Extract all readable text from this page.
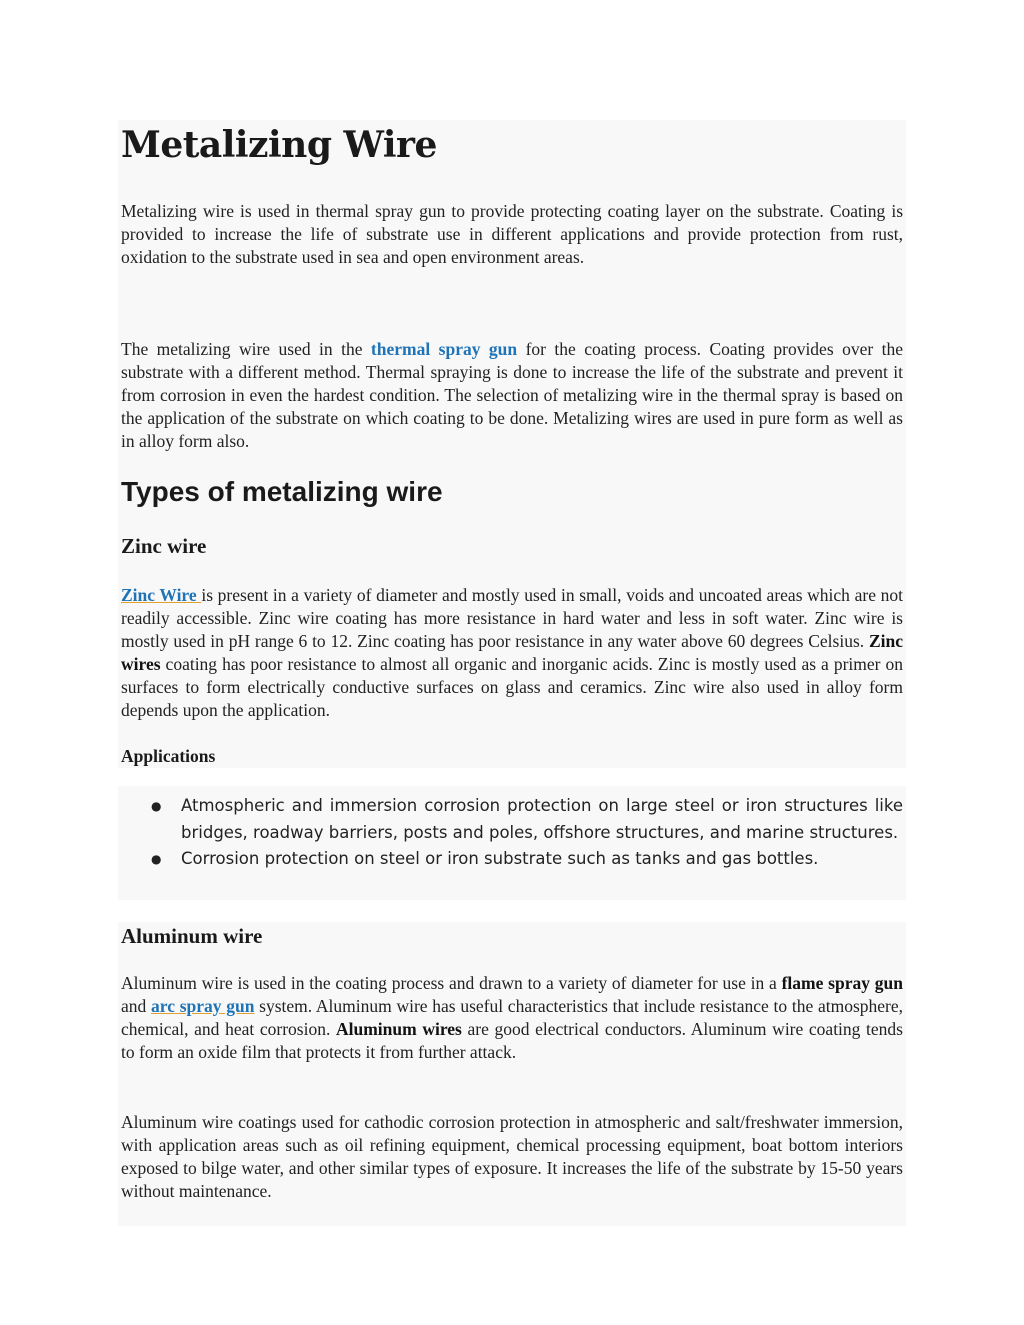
Metalizing Wire

Metalizing wire is used in thermal spray gun to provide protecting coating layer on the substrate. Coating is provided to increase the life of substrate use in different applications and provide protection from rust, oxidation to the substrate used in sea and open environment areas.

The metalizing wire used in the thermal spray gun for the coating process. Coating provides over the substrate with a different method. Thermal spraying is done to increase the life of the substrate and prevent it from corrosion in even the hardest condition. The selection of metalizing wire in the thermal spray is based on the application of the substrate on which coating to be done. Metalizing wires are used in pure form as well as in alloy form also.

Types of metalizing wire
Zinc wire

Zinc Wire is present in a variety of diameter and mostly used in small, voids and uncoated areas which are not readily accessible. Zinc wire coating has more resistance in hard water and less in soft water. Zinc wire is mostly used in pH range 6 to 12. Zinc coating has poor resistance in any water above 60 degrees Celsius. Zinc wires coating has poor resistance to almost all organic and inorganic acids. Zinc is mostly used as a primer on surfaces to form electrically conductive surfaces on glass and ceramics. Zinc wire also used in alloy form depends upon the application.

Applications
● Atmospheric and immersion corrosion protection on large steel or iron structures like bridges, roadway barriers, posts and poles, offshore structures, and marine structures.
● Corrosion protection on steel or iron substrate such as tanks and gas bottles.
Aluminum wire

Aluminum wire is used in the coating process and drawn to a variety of diameter for use in a flame spray gun and arc spray gun system. Aluminum wire has useful characteristics that include resistance to the atmosphere, chemical, and heat corrosion. Aluminum wires are good electrical conductors. Aluminum wire coating tends to form an oxide film that protects it from further attack.

Aluminum wire coatings used for cathodic corrosion protection in atmospheric and salt/freshwater immersion, with application areas such as oil refining equipment, chemical processing equipment, boat bottom interiors exposed to bilge water, and other similar types of exposure. It increases the life of the substrate by 15-50 years without maintenance.
